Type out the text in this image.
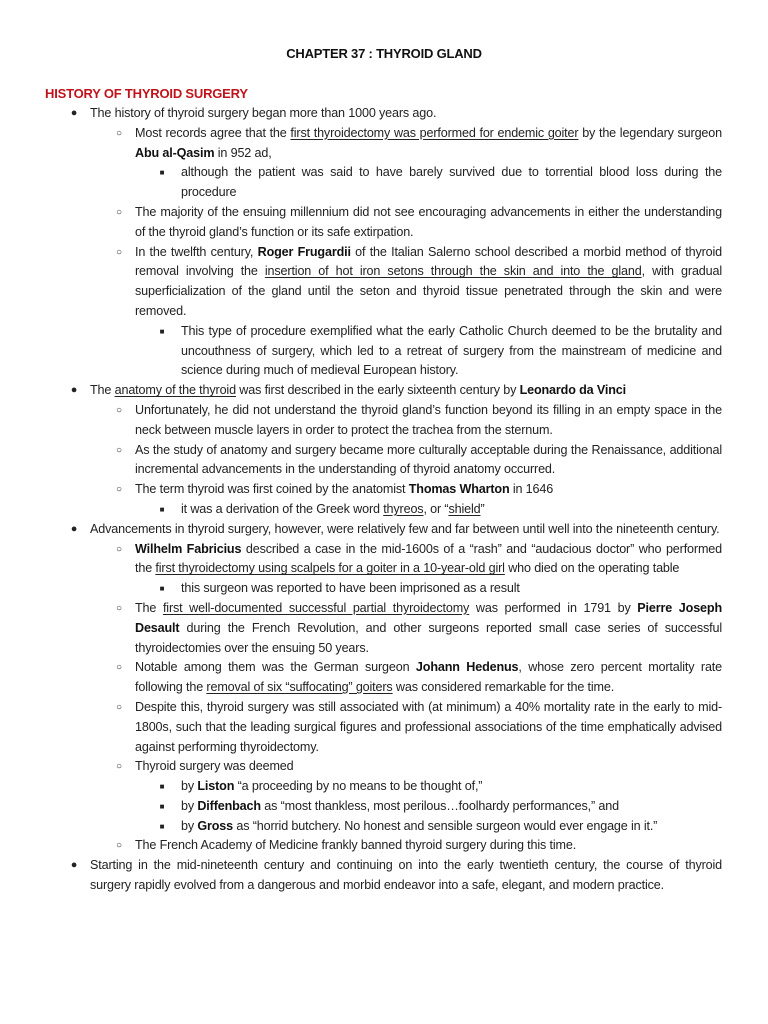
CHAPTER 37 : THYROID GLAND
HISTORY OF THYROID SURGERY
● The history of thyroid surgery began more than 1000 years ago.
○	Most records agree that the first thyroidectomy was performed for endemic goiter by the legendary surgeon Abu al-Qasim in 952 ad,
■	although the patient was said to have barely survived due to torrential blood loss during the procedure
○	The majority of the ensuing millennium did not see encouraging advancements in either the understanding of the thyroid gland’s function or its safe extirpation.
○	In the twelfth century, Roger Frugardii of the Italian Salerno school described a morbid method of thyroid removal involving the insertion of hot iron setons through the skin and into the gland, with gradual superficialization of the gland until the seton and thyroid tissue penetrated through the skin and were removed.
■	This type of procedure exemplified what the early Catholic Church deemed to be the brutality and uncouthness of surgery, which led to a retreat of surgery from the mainstream of medicine and science during much of medieval European history.
● The anatomy of the thyroid was first described in the early sixteenth century by Leonardo da Vinci
○	Unfortunately, he did not understand the thyroid gland’s function beyond its filling in an empty space in the neck between muscle layers in order to protect the trachea from the sternum.
○	As the study of anatomy and surgery became more culturally acceptable during the Renaissance, additional incremental advancements in the understanding of thyroid anatomy occurred.
○	The term thyroid was first coined by the anatomist Thomas Wharton in 1646
■	it was a derivation of the Greek word thyreos, or “shield”
● Advancements in thyroid surgery, however, were relatively few and far between until well into the nineteenth century.
○	Wilhelm Fabricius described a case in the mid-1600s of a “rash” and “audacious doctor” who performed the first thyroidectomy using scalpels for a goiter in a 10-year-old girl who died on the operating table
■	this surgeon was reported to have been imprisoned as a result
○	The first well-documented successful partial thyroidectomy was performed in 1791 by Pierre Joseph Desault during the French Revolution, and other surgeons reported small case series of successful thyroidectomies over the ensuing 50 years.
○	Notable among them was the German surgeon Johann Hedenus, whose zero percent mortality rate following the removal of six “suffocating” goiters was considered remarkable for the time.
○	Despite this, thyroid surgery was still associated with (at minimum) a 40% mortality rate in the early to mid-1800s, such that the leading surgical figures and professional associations of the time emphatically advised against performing thyroidectomy.
○	Thyroid surgery was deemed
■	by Liston “a proceeding by no means to be thought of,”
■	by Diffenbach as “most thankless, most perilous…foolhardy performances,” and
■	by Gross as “horrid butchery. No honest and sensible surgeon would ever engage in it.”
○	The French Academy of Medicine frankly banned thyroid surgery during this time.
● Starting in the mid-nineteenth century and continuing on into the early twentieth century, the course of thyroid surgery rapidly evolved from a dangerous and morbid endeavor into a safe, elegant, and modern practice.
